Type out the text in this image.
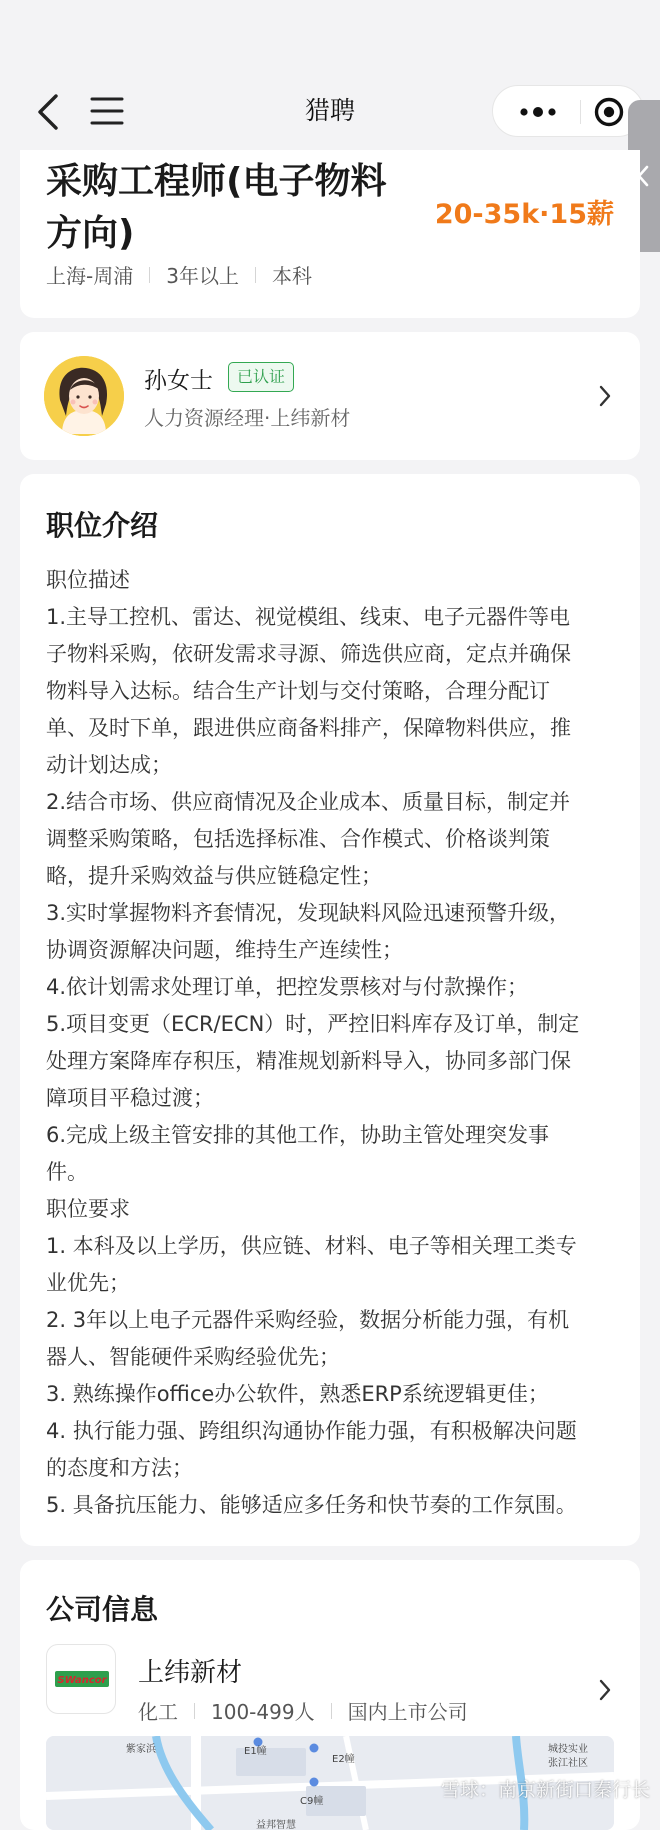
猎聘
采购工程师(电子物料方向)	20-35k·15薪
上海-周浦 3年以上 本科
孙女士	已认证
人力资源经理·上纬新材
职位介绍
职位描述
1.主导工控机、雷达、视觉模组、线束、电子元器件等电
子物料采购，依研发需求寻源、筛选供应商，定点并确保
物料导入达标。结合生产计划与交付策略，合理分配订
单、及时下单，跟进供应商备料排产，保障物料供应，推
动计划达成；
2.结合市场、供应商情况及企业成本、质量目标，制定并
调整采购策略，包括选择标准、合作模式、价格谈判策
略，提升采购效益与供应链稳定性；
3.实时掌握物料齐套情况，发现缺料风险迅速预警升级，
协调资源解决问题，维持生产连续性；
4.依计划需求处理订单，把控发票核对与付款操作；
5.项目变更（ECR/ECN）时，严控旧料库存及订单，制定
处理方案降库存积压，精准规划新料导入，协同多部门保
障项目平稳过渡；
6.完成上级主管安排的其他工作，协助主管处理突发事
件。
职位要求
1. 本科及以上学历，供应链、材料、电子等相关理工类专
业优先；
2. 3年以上电子元器件采购经验，数据分析能力强，有机
器人、智能硬件采购经验优先；
3. 熟练操作office办公软件，熟悉ERP系统逻辑更佳；
4. 执行能力强、跨组织沟通协作能力强，有积极解决问题
的态度和方法；
5. 具备抗压能力、能够适应多任务和快节奏的工作氛围。
公司信息
SWancor 上纬新材
化工 100-499人 国内上市公司
紫家浜	E1幢
E2幢
C9幢
益邦智慧
城投实业
张江社区
雪球：南京新街口秦行长
